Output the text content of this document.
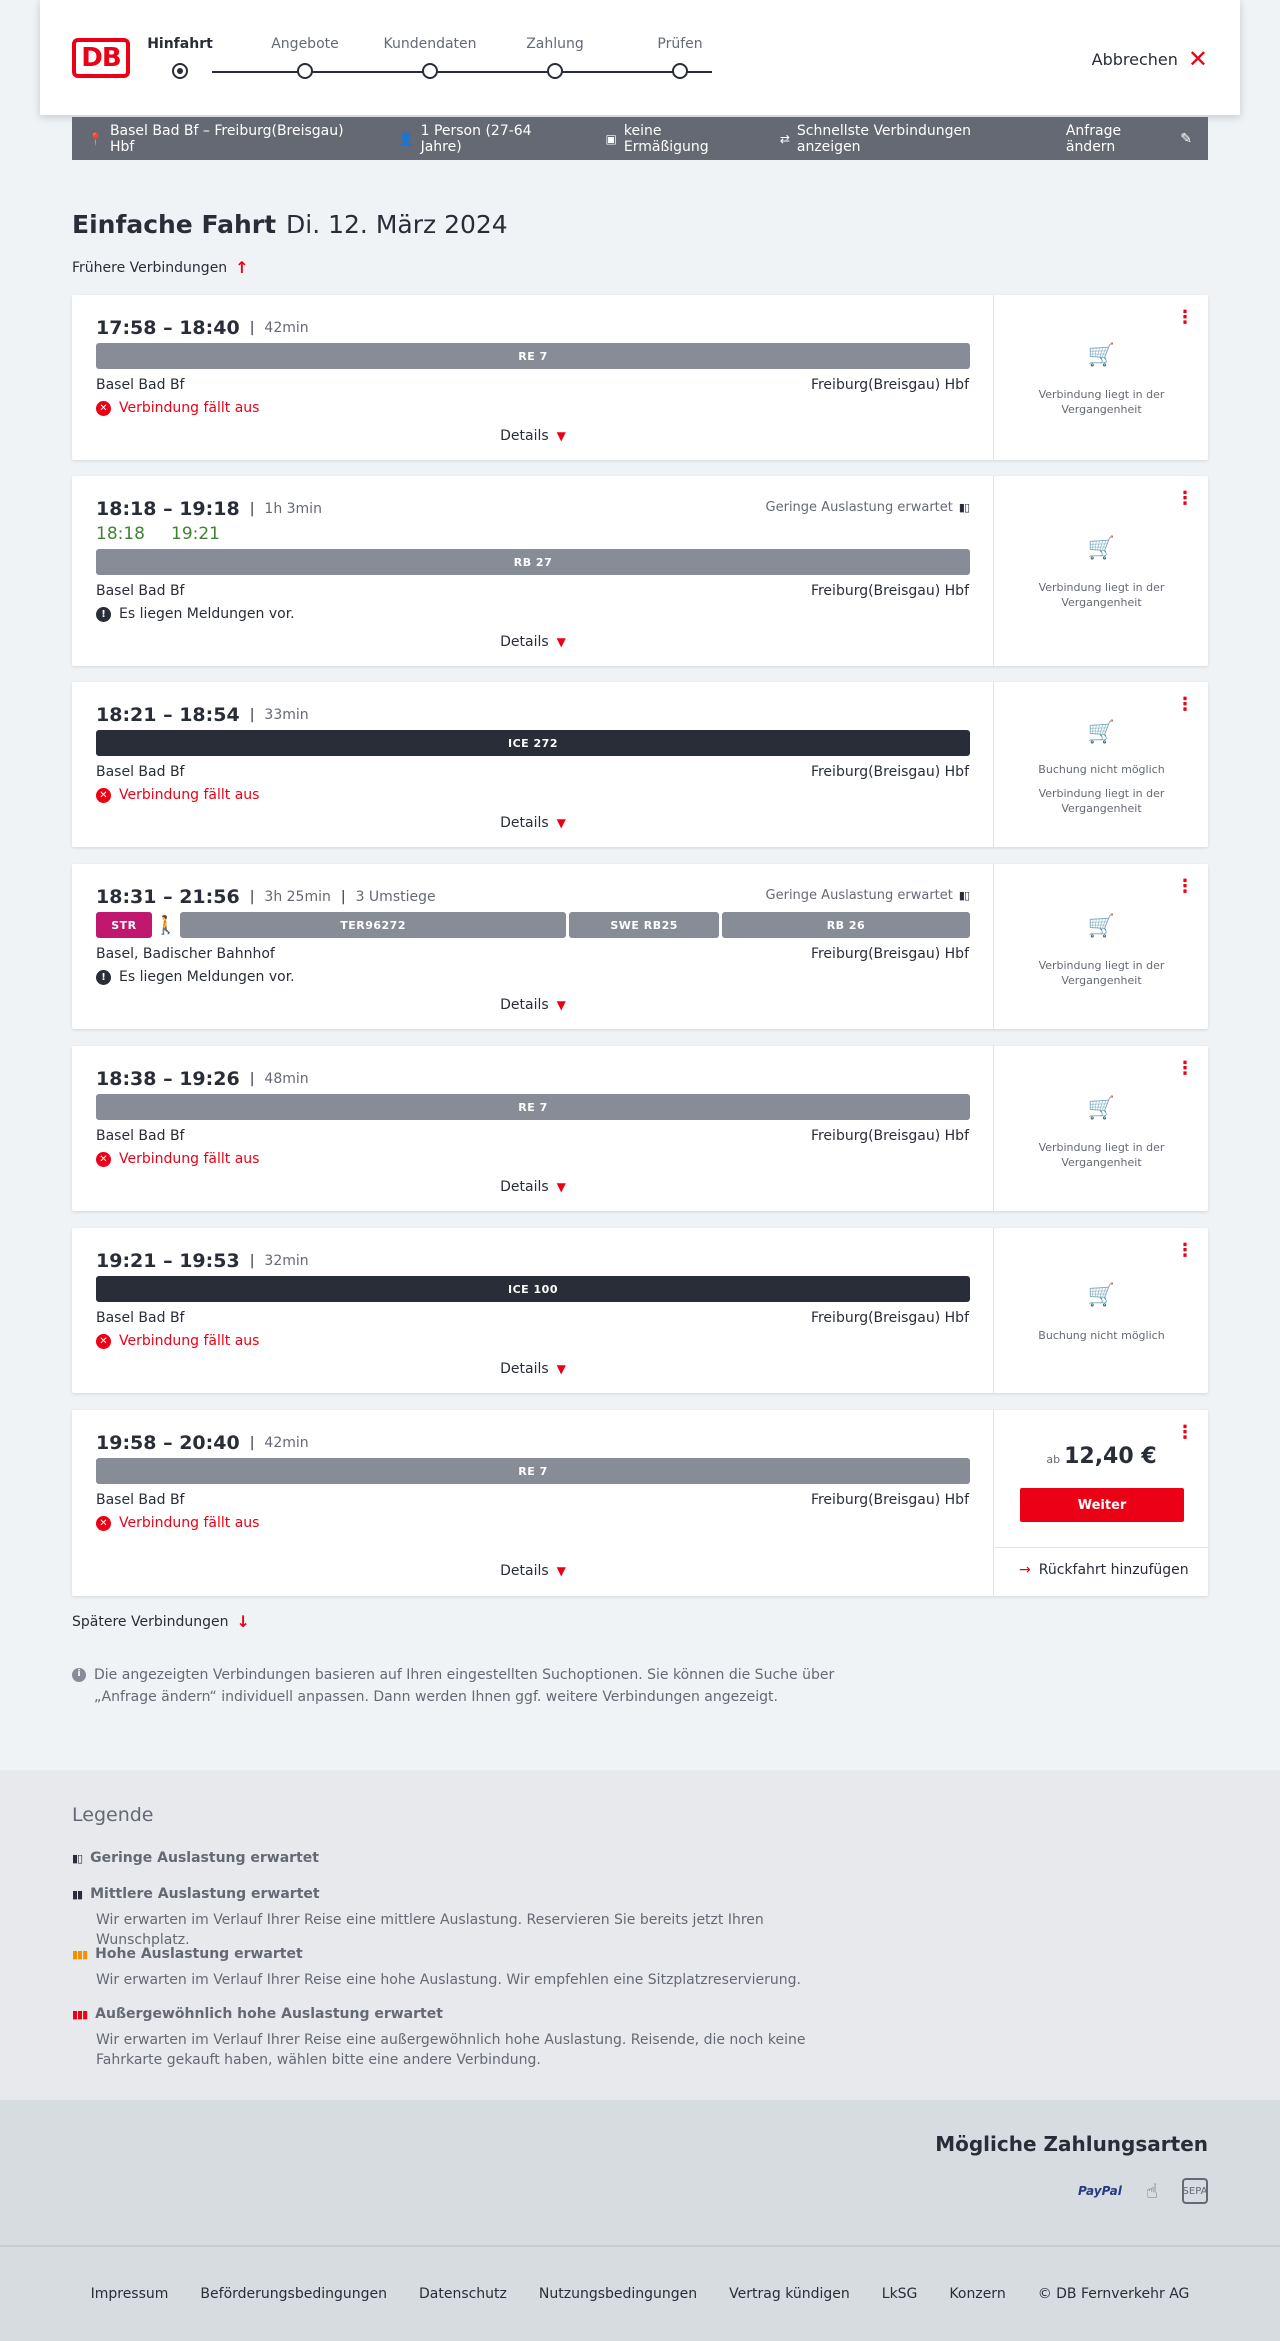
DB	Hinfahrt	Angebote	Kundendaten	Zahlung	Prüfen
Abbrechen ✕
📍 Basel Bad Bf – Freiburg(Breisgau) Hbf	👤 1 Person (27-64 Jahre)	▣ keine Ermäßigung	⇄ Schnellste Verbindungen anzeigen
Anfrage ändern	✎
Einfache Fahrt Di. 12. März 2024
Frühere Verbindungen ↑
17:58 – 18:40 | 42min
RE 7
Basel Bad Bf	Freiburg(Breisgau) Hbf
✕ Verbindung fällt aus
Details ▼
⋮
🛒
Verbindung liegt in der Vergangenheit
18:18 – 19:18 | 1h 3min	Geringe Auslastung erwartet ▮▯
18:18 19:21
RB 27
Basel Bad Bf	Freiburg(Breisgau) Hbf
! Es liegen Meldungen vor.
Details ▼
⋮
🛒
Verbindung liegt in der Vergangenheit
18:21 – 18:54 | 33min
ICE 272
Basel Bad Bf	Freiburg(Breisgau) Hbf
✕ Verbindung fällt aus
Details ▼
⋮
🛒
Buchung nicht möglich
Verbindung liegt in der Vergangenheit
18:31 – 21:56 | 3h 25min | 3 Umstiege	Geringe Auslastung erwartet ▮▯
STR	🚶	TER96272	SWE RB25	RB 26
Basel, Badischer Bahnhof	Freiburg(Breisgau) Hbf
! Es liegen Meldungen vor.
Details ▼
⋮
🛒
Verbindung liegt in der Vergangenheit
18:38 – 19:26 | 48min
RE 7
Basel Bad Bf	Freiburg(Breisgau) Hbf
✕ Verbindung fällt aus
Details ▼
⋮
🛒
Verbindung liegt in der Vergangenheit
19:21 – 19:53 | 32min
ICE 100
Basel Bad Bf	Freiburg(Breisgau) Hbf
✕ Verbindung fällt aus
Details ▼
⋮
🛒
Buchung nicht möglich
19:58 – 20:40 | 42min
RE 7
Basel Bad Bf	Freiburg(Breisgau) Hbf
✕ Verbindung fällt aus
Details ▼
⋮
ab 12,40 €
Weiter
→ Rückfahrt hinzufügen
Spätere Verbindungen ↓
i Die angezeigten Verbindungen basieren auf Ihren eingestellten Suchoptionen. Sie können die Suche über „Anfrage ändern“ individuell anpassen. Dann werden Ihnen ggf. weitere Verbindungen angezeigt.
Legende
▮▯ Geringe Auslastung erwartet
▮▮ Mittlere Auslastung erwartet
Wir erwarten im Verlauf Ihrer Reise eine mittlere Auslastung. Reservieren Sie bereits jetzt Ihren Wunschplatz.
▮▮▮ Hohe Auslastung erwartet
Wir erwarten im Verlauf Ihrer Reise eine hohe Auslastung. Wir empfehlen eine Sitzplatzreservierung.
▮▮▮ Außergewöhnlich hohe Auslastung erwartet
Wir erwarten im Verlauf Ihrer Reise eine außergewöhnlich hohe Auslastung. Reisende, die noch keine Fahrkarte gekauft haben, wählen bitte eine andere Verbindung.
Mögliche Zahlungsarten
PayPal ☝ SEPA
Impressum Beförderungsbedingungen Datenschutz Nutzungsbedingungen Vertrag kündigen LkSG Konzern © DB Fernverkehr AG
